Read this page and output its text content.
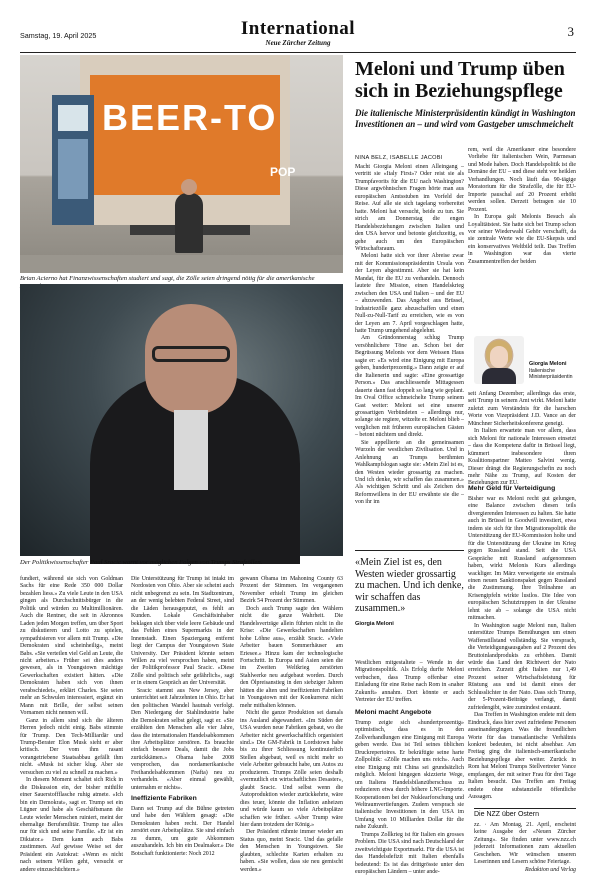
Samstag, 19. April 2025	International
Neue Zürcher Zeitung
3
BEER-TO
POP
Brian Acierno hat Finanzwissenschaften studiert und sagt, die Zölle seien dringend nötig für die amerikanische
Der Politikwissenschafter Paul Sracic warnt vor möglichen Folgen von Trumps Strafzöllen.
Meloni und Trump üben sich in Beziehungspflege
Die italienische Ministerpräsidentin kündigt in Washington Investitionen an – und wird vom Gastgeber umschmeichelt
NINA BELZ, ISABELLE JACOBI

Macht Giorgia Meloni einen Alleingang – vertritt sie «Italy First»? Oder reist sie als Trumpfavorits für die EU nach Washington? Diese argwöhnischen Fragen hörte man aus europäischen Amtsstuben im Vorfeld der Reise. Auf alle sie sich tagelang vorbereitet hatte. Meloni hat versucht, beide zu tun. Sie strich am Donnerstag die engen Handelsbeziehungen zwischen Italien und den USA hervor und betonte gleichzeitig, es gehe auch um den Europäischen Wirtschaftsraum.

Meloni hatte sich vor ihrer Abreise zwar mit der Kommissionspräsidentin Ursula von der Leyen abgestimmt. Aber sie hat kein Mandat, für die EU zu verhandeln. Dennoch lautete ihre Mission, einen Handelskrieg zwischen den USA und Italien – und der EU – abzuwenden. Das Angebot aus Brüssel, Industriezölle ganz abzuschaffen und einen Null-zu-Null-Tarif zu erreichen, wie es von der Leyen am 7. April vorgeschlagen hatte, hatte Trump umgehend abgelehnt.

Am Gründonnerstag schlug Trump versöhnlichere Töne an. Schon bei der Begrüssung Melonis vor dem Weissen Haus sagte er: «Es wird eine Einigung mit Europa geben, hundertprozentig.» Dann zeigte er auf die Italienerin und sagte: «Eine grossartige Person.» Das anschliessende Mittagessen dauerte dann fast doppelt so lang wie geplant. Im Oval Office schmeichelte Trump seinem Gast weiter: Meloni sei eine unserer grossartigen Verbündeten – allerdings nur, solange sie regiere, witzelte er. Meloni blieb – verglichen mit früheren europäischen Gästen – betont nüchtern und direkt.

Sie appellierte an die gemeinsamen Wurzeln der westlichen Zivilisation. Und in Anlehnung an Trumps berühmten Wahlkampfslogan sagte sie: «Mein Ziel ist es, den Westen wieder grossartig zu machen. Und ich denke, wir schaffen das zusammen.» Als wichtigen Schritt und als Zeichen des Reformwillens in der EU erwähnte sie die – von ihr im

rem, weil die Amerikaner eine besondere Vorliebe für italienischen Wein, Parmesan und Mode haben. Doch Handelspolitik ist die Domäne der EU – und diese steht vor heiklen Verhandlungen. Noch läuft das 90-tägige Moratorium für die Strafzölle, die für EU-Importe pauschal auf 20 Prozent erhöht werden sollen. Derzeit betragen sie 10 Prozent.

In Europa galt Melonis Besuch als Loyalitätstest. Sie hatte sich bei Trump schon vor seiner Wiederwahl Gehör verschafft, da sie zentrale Werte wie die EU-Skepsis und ein konservatives Weltbild teilt. Das Treffen in Washington war das vierte Zusammentreffen der beiden

Giorgia Meloni
Italienische Ministerpräsidentin

seit Anfang Dezember; allerdings das erste, seit Trump in seinem Amt wirkt. Meloni hatte zuletzt zum Verständnis für die harschen Worte von Vizepräsident J.D. Vance an der Münchner Sicherheitskonferenz geneigt.

In Italien erwartete man vor allem, dass sich Meloni für nationale Interessen einsetzt – dass die Kompetenz dafür in Brüssel liegt, kümmert insbesondere ihren Koalitionspartner Matteo Salvini wenig. Dieser drängt die Regierungschefin zu noch mehr Nähe zu Trump, auf Kosten der Beziehungen zur EU.

Mehr Geld für Verteidigung

Bisher war es Meloni recht gut gelungen, eine Balance zwischen diesen teils divergierenden Interessen zu halten. Sie hatte auch in Brüssel in Goodwill investiert, etwa indem sie sich für ihre Migrationspolitik die Unterstützung der EU-Kommission holte und für die Unterstützung der Ukraine im Krieg gegen Russland stand. Seit die USA Gespräche mit Russland aufgenommen haben, wirkt Melonis Kurs allerdings wackliger. Im März verweigerte sie erstmals einen neuen Sanktionspaket gegen Russland die Zustimmung. Ihre Teilnahme an Krisengipfeln wirkte lustlos. Die Idee von europäischen Schutztruppen in der Ukraine lehnt sie ab – solange die USA nicht mitmachen.

In Washington sagte Meloni nun, Italien unterstütze Trumps Bemühungen um einen Waffenstillstand vollständig. Sie versprach, die Verteidigungsausgaben auf 2 Prozent des Bruttoinlandprodukts zu erhöhen. Damit würde das Land den Richtwert der Nato erreichen. Zurzeit gibt Italien nur 1,49 Prozent seiner Wirtschaftsleistung für Rüstung aus und ist damit eines der Schlusslichter in der Nato. Dass sich Trump, der 5-Prozent-Beiträge verlangt, damit zufriedengibt, wäre zumindest erstaunt.

Das Treffen in Washington endete mit dem Eindruck, dass hier zwei zufriedene Personen auseinandergingen. Was die freundlichen Worte für das transatlantische Verhältnis konkret bedeuten, ist nicht absehbar. Am Freitag ging die italienisch-amerikanische Beziehungspflege aber weiter. Zurück in Rom hat Meloni Trumps Stellvertreter Vance empfangen, der mit seiner Frau für drei Tage Italien besucht. Das Treffen am Freitag endete ohne substanzielle öffentliche Aussagen.

«Mein Ziel ist es, den Westen wieder grossartig zu machen. Und ich denke, wir schaffen das zusammen.»
Giorgia Meloni

Westlichen mitgestaltete – Wende in der Migrationspolitik. Als Erfolg durfte Meloni verbuchen, dass Trump offenbar eine Einladung für eine Reise nach Rom in «naher Zukunft» annahm. Dort könnte er auch Vertreter der EU treffen.

Meloni macht Angebote

Trump zeigte sich «hundertprozentig» optimistisch, dass es in den Zollverhandlungen eine Einigung mit Europa geben werde. Das ist Teil seines üblichen Druckrepertoires. Er bekräftigte seine harte Zollpolitik: «Zölle machen uns reich». Auch eine Einigung mit China sei grundsätzlich möglich. Meloni hingegen skizzierte Wege, um Italiens Handelsbilanzüberschuss zu reduzieren etwa durch höhere LNG-Importe. Kooperationen bei der Nuklearforschung und Weltraumvertiefungen. Zudem versprach sie italienische Investitionen in den USA im Umfang von 10 Milliarden Dollar für die nahe Zukunft.

Trumps Zollkrieg ist für Italien ein grosses Problem. Die USA sind nach Deutschland der zweitwichtigste Exportmarkt. Für die USA ist das Handelsdefizit mit Italien ebenfalls bedeutend: Es ist das drittgrösste unter den europäischen Ländern – unter ande-

Die NZZ über Ostern

zz. · Am Montag, 21. April, erscheint keine Ausgabe der «Neuen Zürcher Zeitung». Sie finden unter www.nzz.ch jederzeit Informationen zum aktuellen Geschehen. Wir wünschen unseren Leserinnen und Lesern schöne Feiertage.

Redaktion und Verlag

fundiert, während sie sich von Goldman Sachs für eine Rede 350 000 Dollar bezahlen liess.» Zu viele Leute in den USA gingen als Durchschnittsbürger in die Politik und würden zu Multimillionären. Auch die Rentner, die seit in Akronnos Laden jeden Morgen treffen, um über Sport zu diskutieren und Lotto zu spielen, sympathisieren vor allem mit Trump. «Die Demokraten sind scheinheilig», meint Babs. «Sie verteilen viel Geld an Leute, die nicht arbeiten.» Früher sei dies anders gewesen, als in Youngstown mächtige Gewerkschaften existiert hätten. «Die Demokraten haben sich von ihnen verabschiedet», erklärt Charles. Sie seien mehr an Schwulen interessiert, ergänzt ein Mann mit Brille, der selbst seinen Vornamen nicht nennen will.

Ganz in allem sind sich die älteren Herren jedoch nicht einig. Babs stimmte für Trump. Den Tech-Milliardär und Trump-Berater Elon Musk sieht er aber kritisch. Der vom ihm rasant vorangetriebene Staatsabbau gefällt ihm nicht. «Musk ist sicher klug. Aber sie versuchen zu viel zu schnell zu machen.»

In diesem Moment schaltet sich Rick in die Diskussion ein, der bisher mithilfe einer Sauerstoffflasche ruhig atmete. «Ich bin ein Demokrat», sagt er. Trump sei ein Lügner und habe als Geschäftsmann die Leute wieder Menschen ruiniert, meint der ehemalige Berufsmilitär. Trump tue alles nur für sich und seine Familie. «Er ist ein Diktator.» Dem kann auch Babs zustimmen. Auf gewisse Weise sei der Präsident ein Autokrat: «Wenn es nicht nach seinem Willen geht, versucht er andere einzuschüchtern.»

Die Unterstützung für Trump ist intakt im Nordosten von Ohio. Aber sie scheint auch nicht unbegrenzt zu sein. Im Stadtzentrum, an der wenig belebten Federal Street, sind die Läden herausgeputzt, es fehlt an Kunden. Lokale Geschäftsinhaber beklagen sich über viele leere Gebäude und das Fehlen eines Supermarkts in der Innenstadt. Einen Spaziergang entfernt liegt der Campus der Youngstown State University. Der Präsident könnte seinen Willen zu viel versprochen haben, meint der Politikprofessor Paul Sracic. «Diese Zölle sind politisch sehr gefährlich», sagt er in einem Gespräch an der Universität.

Sracic stammt aus New Jersey, aber unterrichtet seit Jahrzehnten in Ohio. Er hat den politischen Wandel hautnah verfolgt. Den Niedergang der Stahlindustrie habe die Demokraten selbst gelegt, sagt er. «Sie erzählten den Menschen alle vier Jahre, dass die internationalen Handelsabkommen ihre Arbeitsplätze zerstören. Es brauchte einfach bessere Deals, damit die Jobs zurückkämen.» Obama habe 2008 versprochen, das nordamerikanische Freihandelsabkommen (Nafta) neu zu verhandeln. «Aber einmal gewählt, unternahm er nichts».

Ineffiziente Fabriken

Dann sei Trump auf die Bühne getreten und habe den Wählern gesagt: «Die Demokraten haben recht. Der Handel zerstört eure Arbeitsplätze. Sie sind einfach zu dumm, um gute Abkommen auszuhandeln. Ich bin ein Dealmaker.» Die Botschaft funktionierte: Noch 2012

gewann Obama im Mahoning County 63 Prozent der Stimmen. Im vergangenen November erhielt Trump im gleichen Bezirk 54 Prozent der Stimmen.

Doch auch Trump sagte den Wählern nicht die ganze Wahrheit. Die Handelsverträge allein führten nicht in die Krise: «Die Gewerkschaften handelten hohe Löhne aus», erzählt Sracic. «Viele Arbeiter bauen Sommerhäuser am Eriesee.» Hinzu kam der technologische Fortschritt. In Europa und Asien seien die im Zweiten Weltkrieg zerstörten Stahlwerke neu aufgebaut worden. Durch den Ölpreisanstieg in den siebziger Jahren hätten die alten und ineffizienten Fabriken in Youngstown mit der Konkurrenz nicht mehr mithalten können.

Nicht die ganze Produktion sei damals ins Ausland abgewandert. «Im Süden der USA wurden neue Fabriken gebaut, wo die Arbeiter nicht gewerkschaftlich organisiert sind.» Die GM-Fabrik in Lordstown habe bis zu ihrer Schliessung kontinuierlich Stellen abgebaut, weil es nicht mehr so viele Arbeiter gebraucht habe, um Autos zu produzieren. Trumps Zölle seien deshalb «vermutlich ein wirtschaftliches Desaster», glaubt Sracic. Und selbst wenn die Autoproduktion wieder zurückkehrte, wäre dies teuer, könnte die Inflation anheizen und würde kaum so viele Arbeitsplätze schaffen wie früher. «Aber Trump wäre hier dann trotzdem der König.»

Der Präsident rühmte immer wieder am Status quo, meint Sracic. Und das gefalle den Menschen in Youngstown. Sie glaubten, schlechte Karten erhalten zu haben. «Sie wollen, dass sie neu gemischt werden.»
